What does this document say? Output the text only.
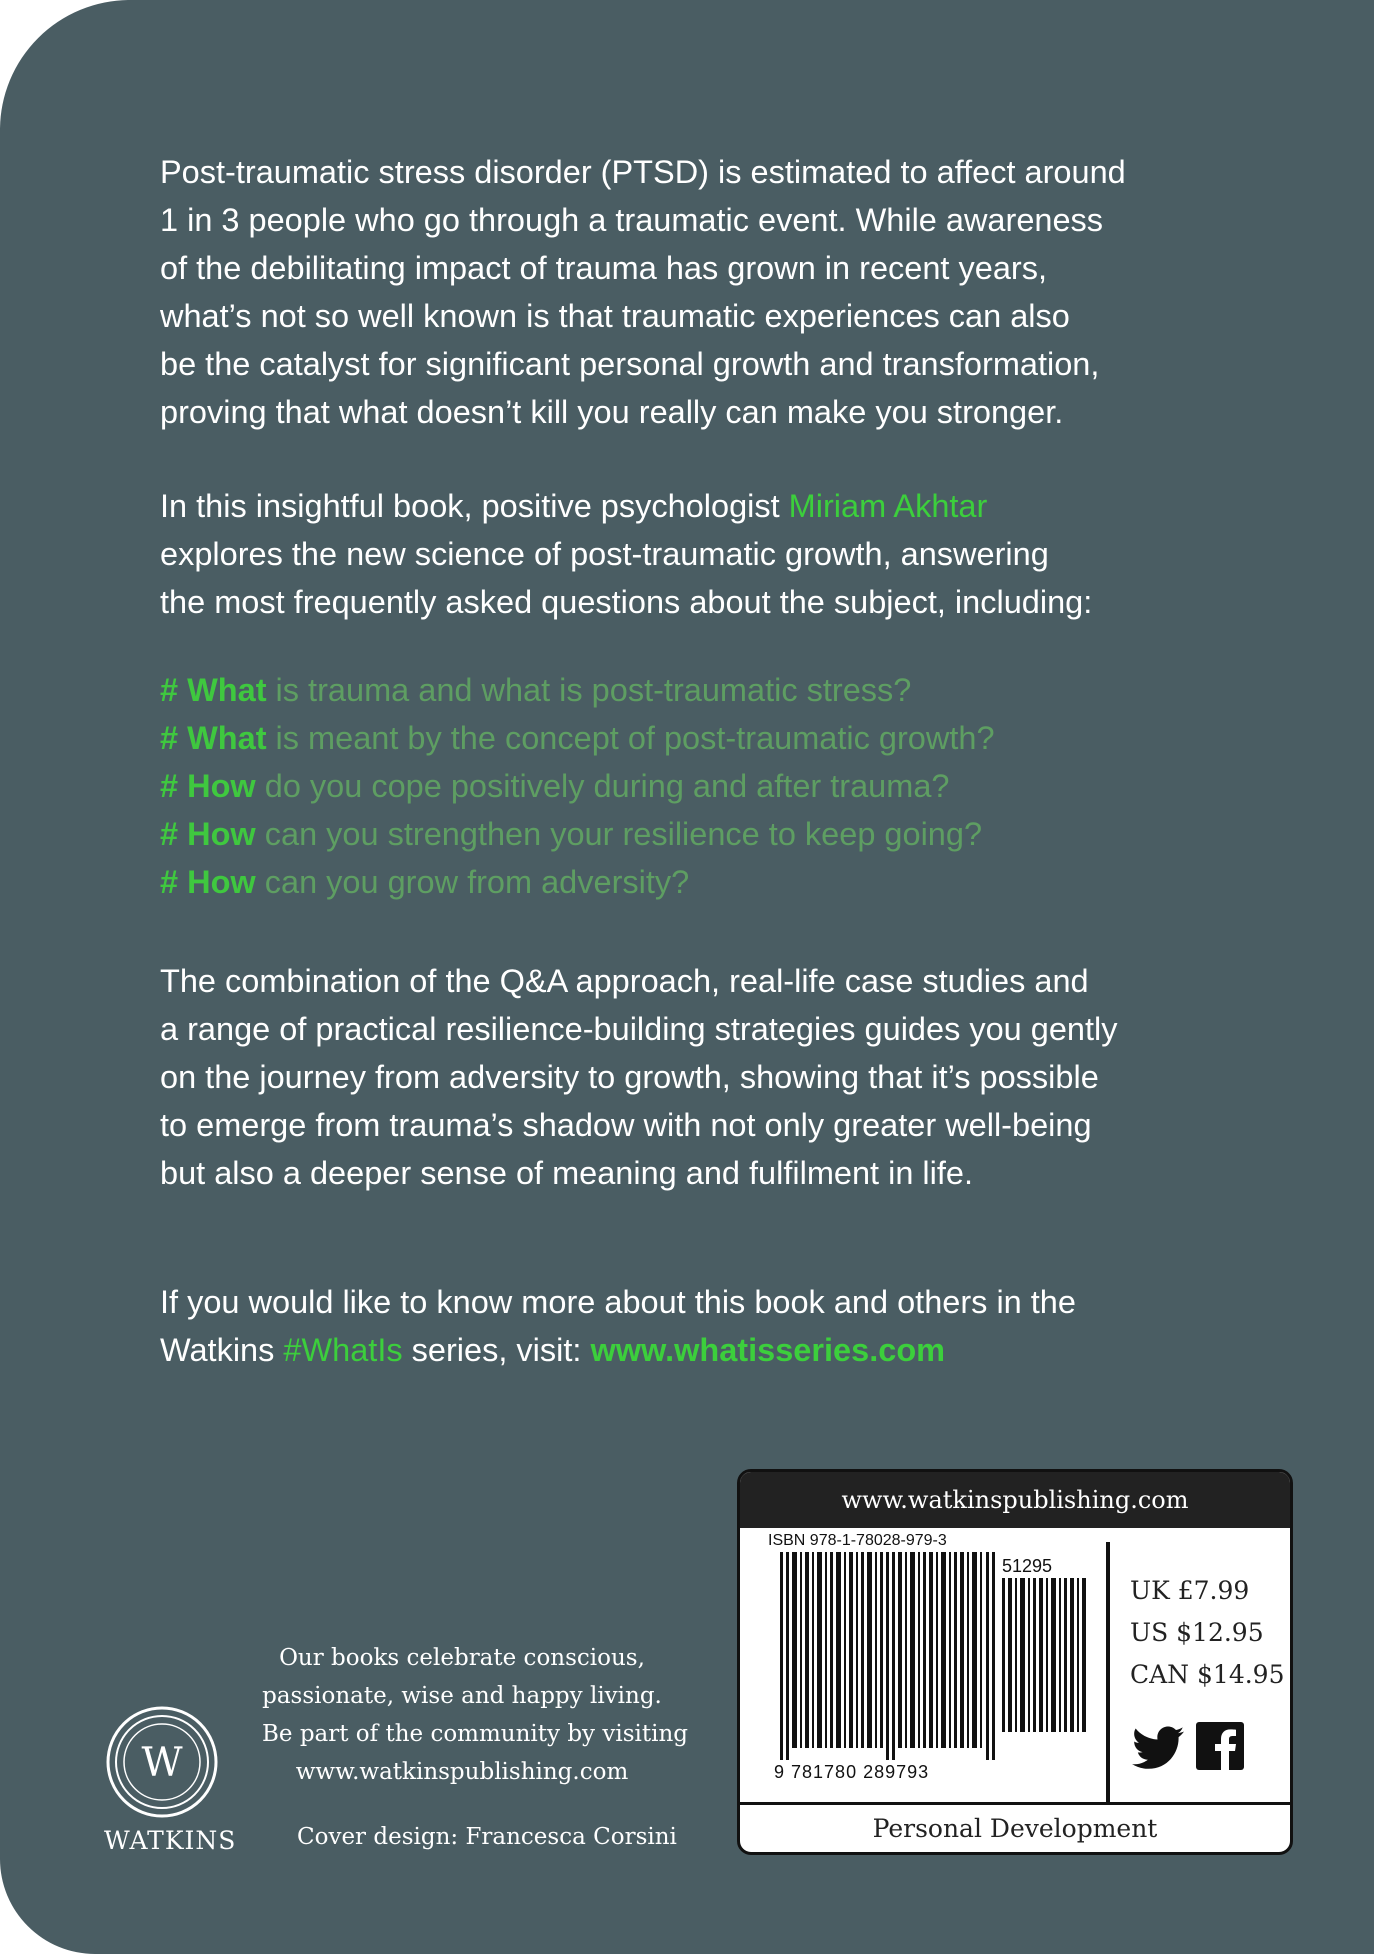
Post-traumatic stress disorder (PTSD) is estimated to affect around

1 in 3 people who go through a traumatic event. While awareness

of the debilitating impact of trauma has grown in recent years,

what’s not so well known is that traumatic experiences can also

be the catalyst for significant personal growth and transformation,

proving that what doesn’t kill you really can make you stronger.

In this insightful book, positive psychologist Miriam Akhtar

explores the new science of post-traumatic growth, answering

the most frequently asked questions about the subject, including:

# What is trauma and what is post-traumatic stress?
# What is meant by the concept of post-traumatic growth?
# How do you cope positively during and after trauma?
# How can you strengthen your resilience to keep going?
# How can you grow from adversity?

The combination of the Q&A approach, real-life case studies and

a range of practical resilience-building strategies guides you gently

on the journey from adversity to growth, showing that it’s possible

to emerge from trauma’s shadow with not only greater well-being

but also a deeper sense of meaning and fulfilment in life.

If you would like to know more about this book and others in the

Watkins #WhatIs series, visit: www.whatisseries.com

Our books celebrate conscious,
passionate, wise and happy living.
Be part of the community by visiting
www.watkinspublishing.com
Cover design: Francesca Corsini
W
WATKINS
www.watkinspublishing.com
ISBN 978-1-78028-979-3
51295
9 781780 289793
UK £7.99
US $12.95
CAN $14.95

Personal Development
